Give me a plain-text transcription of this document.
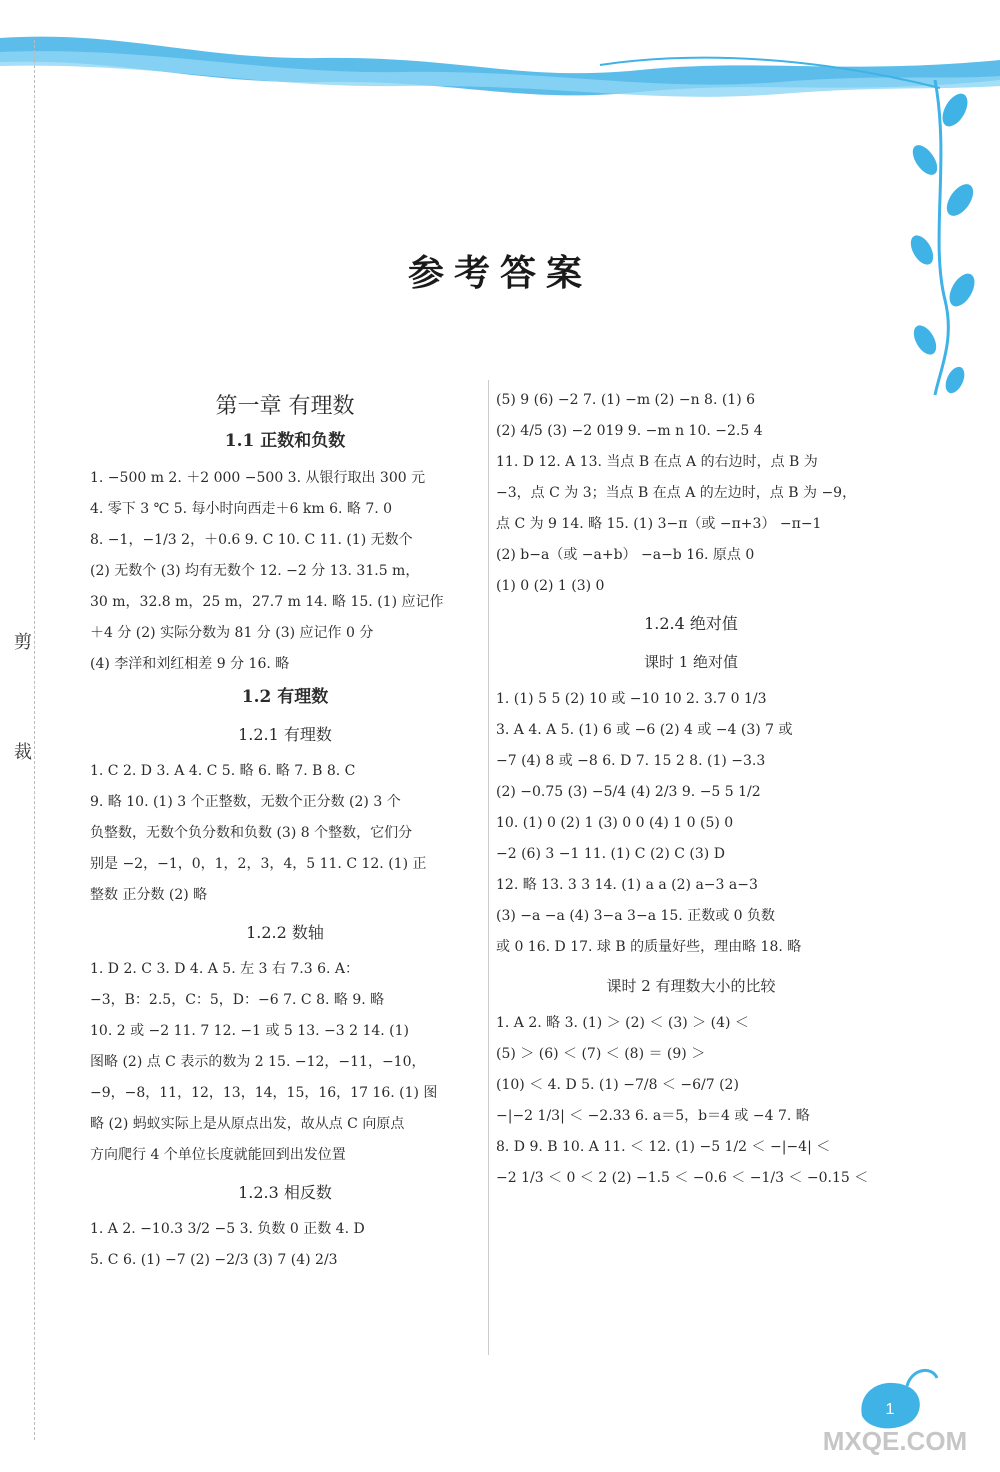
剪
裁
参考答案
第一章 有理数
1.1 正数和负数
1. −500 m 2. ＋2 000 −500 3. 从银行取出 300 元
4. 零下 3 ℃ 5. 每小时向西走＋6 km 6. 略 7. 0
8. −1，−1/3 2，＋0.6 9. C 10. C 11. (1) 无数个
(2) 无数个 (3) 均有无数个 12. −2 分 13. 31.5 m，
30 m，32.8 m，25 m，27.7 m 14. 略 15. (1) 应记作
＋4 分 (2) 实际分数为 81 分 (3) 应记作 0 分
(4) 李洋和刘红相差 9 分 16. 略
1.2 有理数
1.2.1 有理数
1. C 2. D 3. A 4. C 5. 略 6. 略 7. B 8. C
9. 略 10. (1) 3 个正整数，无数个正分数 (2) 3 个
负整数，无数个负分数和负数 (3) 8 个整数，它们分
别是 −2，−1，0，1，2，3，4，5 11. C 12. (1) 正
整数 正分数 (2) 略
1.2.2 数轴
1. D 2. C 3. D 4. A 5. 左 3 右 7.3 6. A：
−3，B：2.5，C：5，D：−6 7. C 8. 略 9. 略
10. 2 或 −2 11. 7 12. −1 或 5 13. −3 2 14. (1)
图略 (2) 点 C 表示的数为 2 15. −12，−11，−10，
−9，−8，11，12，13，14，15，16，17 16. (1) 图
略 (2) 蚂蚁实际上是从原点出发，故从点 C 向原点
方向爬行 4 个单位长度就能回到出发位置
1.2.3 相反数
1. A 2. −10.3 3/2 −5 3. 负数 0 正数 4. D
5. C 6. (1) −7 (2) −2/3 (3) 7 (4) 2/3
(5) 9 (6) −2 7. (1) −m (2) −n 8. (1) 6
(2) 4/5 (3) −2 019 9. −m n 10. −2.5 4
11. D 12. A 13. 当点 B 在点 A 的右边时，点 B 为
−3，点 C 为 3；当点 B 在点 A 的左边时，点 B 为 −9，
点 C 为 9 14. 略 15. (1) 3−π（或 −π+3） −π−1
(2) b−a（或 −a+b） −a−b 16. 原点 0
(1) 0 (2) 1 (3) 0
1.2.4 绝对值
课时 1 绝对值
1. (1) 5 5 (2) 10 或 −10 10 2. 3.7 0 1/3
3. A 4. A 5. (1) 6 或 −6 (2) 4 或 −4 (3) 7 或
−7 (4) 8 或 −8 6. D 7. 15 2 8. (1) −3.3
(2) −0.75 (3) −5/4 (4) 2/3 9. −5 5 1/2
10. (1) 0 (2) 1 (3) 0 0 (4) 1 0 (5) 0
−2 (6) 3 −1 11. (1) C (2) C (3) D
12. 略 13. 3 3 14. (1) a a (2) a−3 a−3
(3) −a −a (4) 3−a 3−a 15. 正数或 0 负数
或 0 16. D 17. 球 B 的质量好些，理由略 18. 略
课时 2 有理数大小的比较
1. A 2. 略 3. (1) ＞ (2) ＜ (3) ＞ (4) ＜
(5) ＞ (6) ＜ (7) ＜ (8) ＝ (9) ＞
(10) ＜ 4. D 5. (1) −7/8 ＜ −6/7 (2)
−|−2 1/3| ＜ −2.33 6. a＝5，b＝4 或 −4 7. 略
8. D 9. B 10. A 11. ＜ 12. (1) −5 1/2 ＜ −|−4| ＜
−2 1/3 ＜ 0 ＜ 2 (2) −1.5 ＜ −0.6 ＜ −1/3 ＜ −0.15 ＜
1
MXQE.COM
